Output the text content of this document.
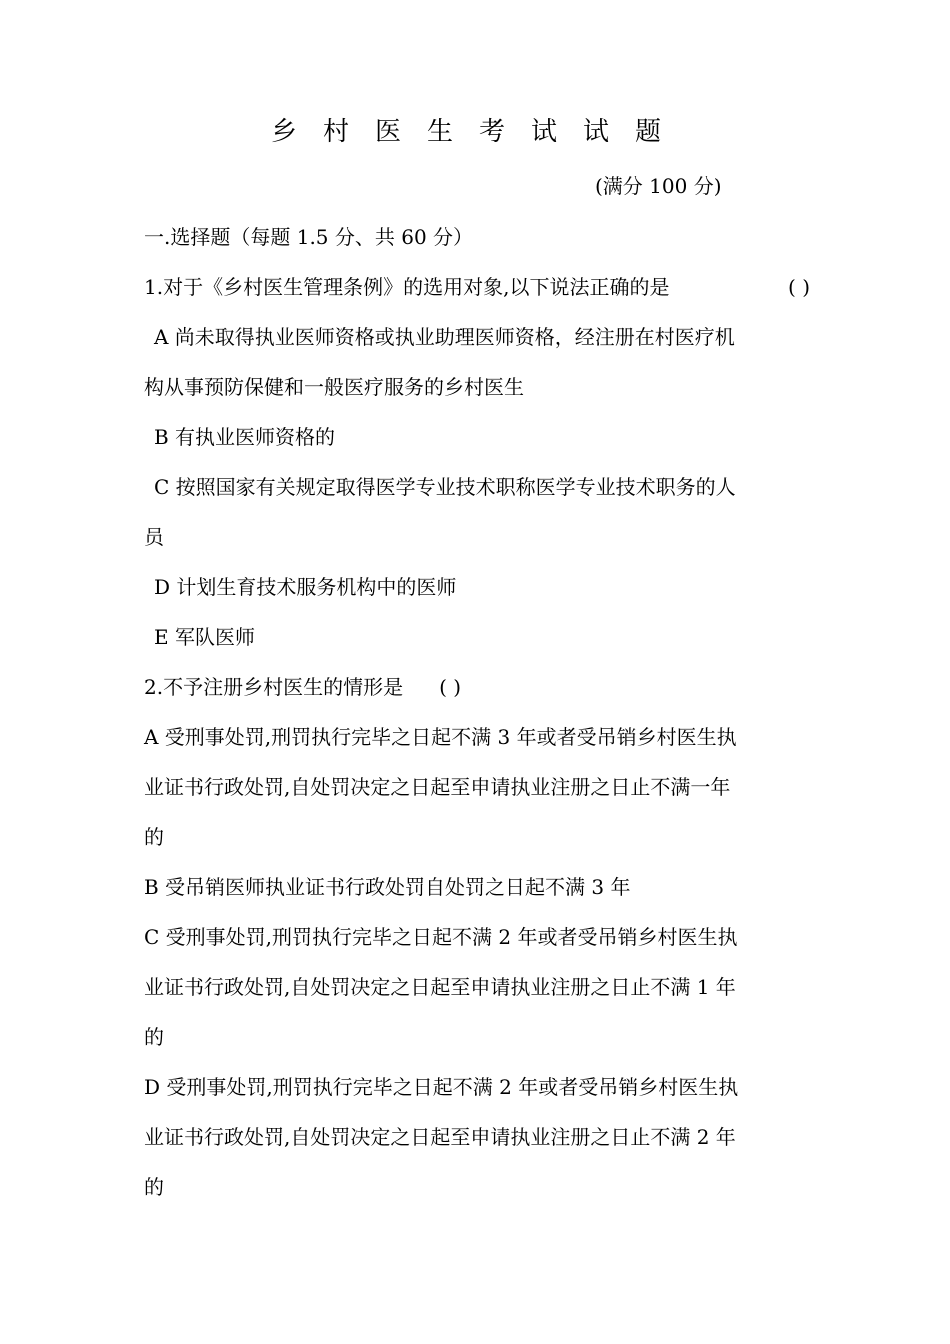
乡村医生考试试题
(满分 100 分)

一.选择题（每题 1.5 分、共 60 分）

1.对于《乡村医生管理条例》的选用对象,以下说法正确的是	( )

A 尚未取得执业医师资格或执业助理医师资格，经注册在村医疗机

构从事预防保健和一般医疗服务的乡村医生

B 有执业医师资格的

C 按照国家有关规定取得医学专业技术职称医学专业技术职务的人

员

D 计划生育技术服务机构中的医师

E 军队医师

2.不予注册乡村医生的情形是 ( )

A 受刑事处罚,刑罚执行完毕之日起不满 3 年或者受吊销乡村医生执

业证书行政处罚,自处罚决定之日起至申请执业注册之日止不满一年

的

B 受吊销医师执业证书行政处罚自处罚之日起不满 3 年

C 受刑事处罚,刑罚执行完毕之日起不满 2 年或者受吊销乡村医生执

业证书行政处罚,自处罚决定之日起至申请执业注册之日止不满 1 年

的

D 受刑事处罚,刑罚执行完毕之日起不满 2 年或者受吊销乡村医生执

业证书行政处罚,自处罚决定之日起至申请执业注册之日止不满 2 年

的
